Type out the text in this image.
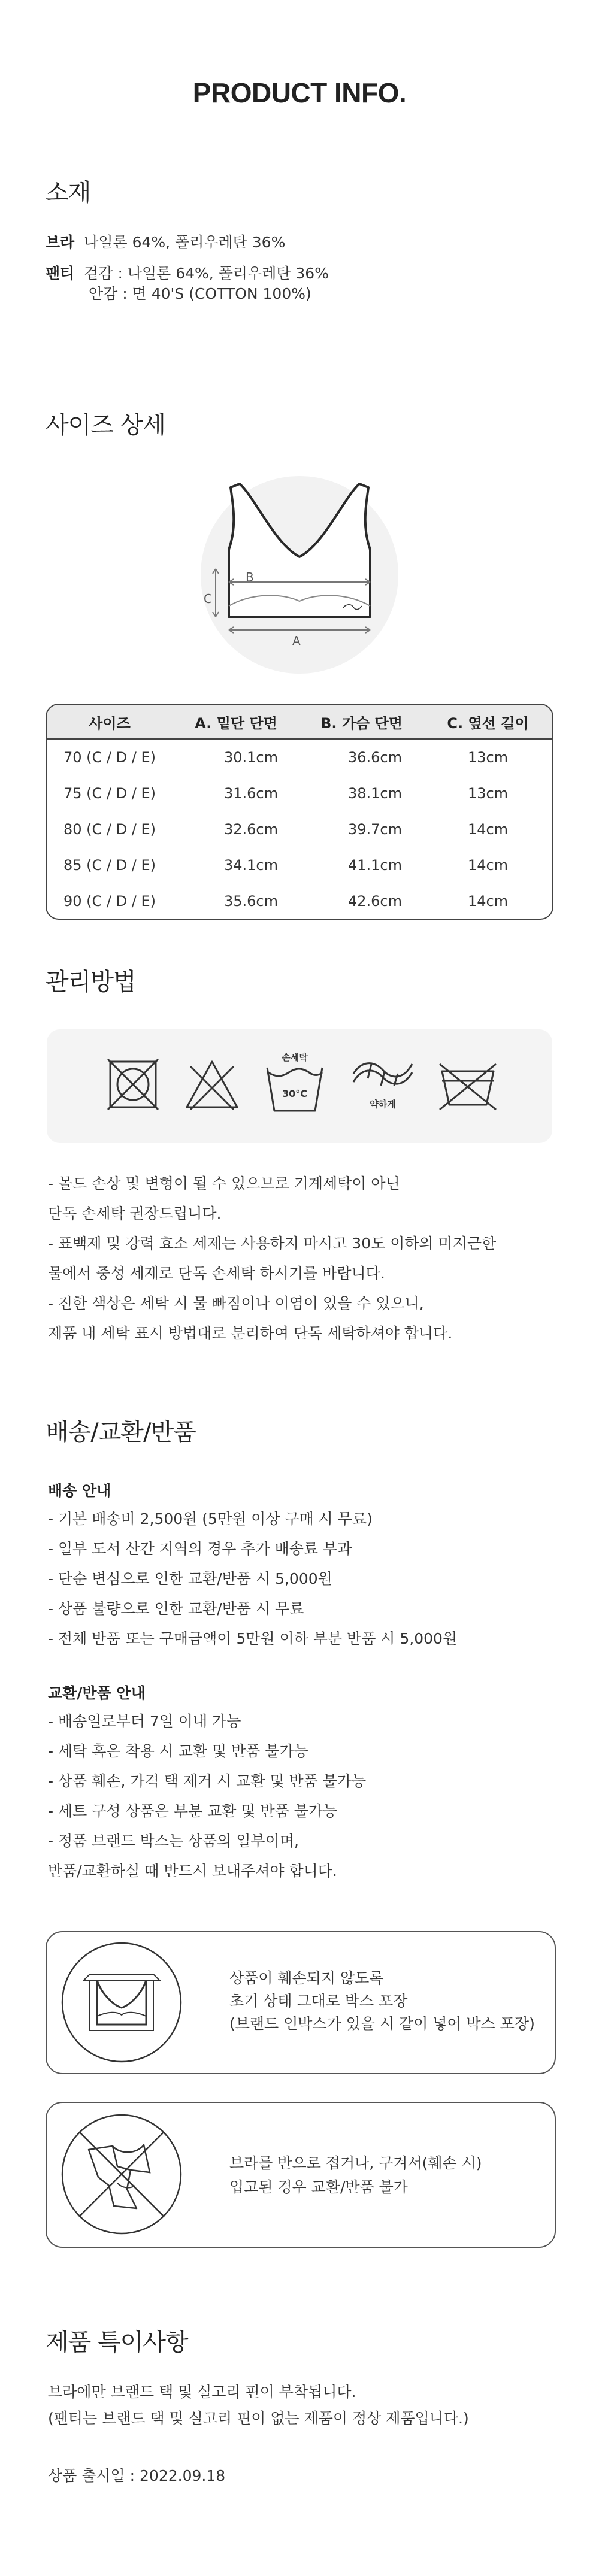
PRODUCT INFO.
소재
브라 나일론 64%, 폴리우레탄 36%
팬티 겉감 : 나일론 64%, 폴리우레탄 36%
안감 : 면 40'S (COTTON 100%)
사이즈 상세
B
A
C
사이즈	A. 밑단 단면	B. 가슴 단면	C. 옆선 길이
70 (C / D / E)	30.1cm	36.6cm	13cm
75 (C / D / E)	31.6cm	38.1cm	13cm
80 (C / D / E)	32.6cm	39.7cm	14cm
85 (C / D / E)	34.1cm	41.1cm	14cm
90 (C / D / E)	35.6cm	42.6cm	14cm
관리방법
손세탁
30°C
약하게
- 몰드 손상 및 변형이 될 수 있으므로 기계세탁이 아닌
단독 손세탁 권장드립니다.
- 표백제 및 강력 효소 세제는 사용하지 마시고 30도 이하의 미지근한
물에서 중성 세제로 단독 손세탁 하시기를 바랍니다.
- 진한 색상은 세탁 시 물 빠짐이나 이염이 있을 수 있으니,
제품 내 세탁 표시 방법대로 분리하여 단독 세탁하셔야 합니다.
배송/교환/반품
배송 안내
- 기본 배송비 2,500원 (5만원 이상 구매 시 무료)
- 일부 도서 산간 지역의 경우 추가 배송료 부과
- 단순 변심으로 인한 교환/반품 시 5,000원
- 상품 불량으로 인한 교환/반품 시 무료
- 전체 반품 또는 구매금액이 5만원 이하 부분 반품 시 5,000원
교환/반품 안내
- 배송일로부터 7일 이내 가능
- 세탁 혹은 착용 시 교환 및 반품 불가능
- 상품 훼손, 가격 택 제거 시 교환 및 반품 불가능
- 세트 구성 상품은 부분 교환 및 반품 불가능
- 정품 브랜드 박스는 상품의 일부이며,
반품/교환하실 때 반드시 보내주셔야 합니다.
상품이 훼손되지 않도록
초기 상태 그대로 박스 포장
(브랜드 인박스가 있을 시 같이 넣어 박스 포장)
브라를 반으로 접거나, 구겨서(훼손 시)
입고된 경우 교환/반품 불가
제품 특이사항
브라에만 브랜드 택 및 실고리 핀이 부착됩니다.
(팬티는 브랜드 택 및 실고리 핀이 없는 제품이 정상 제품입니다.)
상품 출시일 : 2022.09.18
